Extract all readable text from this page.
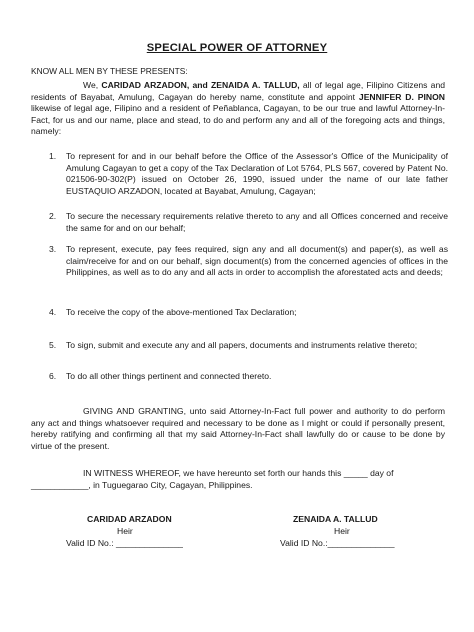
SPECIAL POWER OF ATTORNEY
KNOW ALL MEN BY THESE PRESENTS:

We, CARIDAD ARZADON, and ZENAIDA A. TALLUD, all of legal age, Filipino Citizens and residents of Bayabat, Amulung, Cagayan do hereby name, constitute and appoint JENNIFER D. PINON likewise of legal age, Filipino and a resident of Peñablanca, Cagayan, to be our true and lawful Attorney-In-Fact, for us and our name, place and stead, to do and perform any and all of the foregoing acts and things, namely:

1. To represent for and in our behalf before the Office of the Assessor's Office of the Municipality of Amulung Cagayan to get a copy of the Tax Declaration of Lot 5764, PLS 567, covered by Patent No. 021506-90-302(P) issued on October 26, 1990, issued under the name of our late father EUSTAQUIO ARZADON, located at Bayabat, Amulung, Cagayan;
2. To secure the necessary requirements relative thereto to any and all Offices concerned and receive the same for and on our behalf;
3. To represent, execute, pay fees required, sign any and all document(s) and paper(s), as well as claim/receive for and on our behalf, sign document(s) from the concerned agencies of offices in the Philippines, as well as to do any and all acts in order to accomplish the aforestated acts and deeds;
4. To receive the copy of the above-mentioned Tax Declaration;
5. To sign, submit and execute any and all papers, documents and instruments relative thereto;
6. To do all other things pertinent and connected thereto.

GIVING AND GRANTING, unto said Attorney-In-Fact full power and authority to do perform any act and things whatsoever required and necessary to be done as I might or could if personally present, hereby ratifying and confirming all that my said Attorney-In-Fact shall lawfully do or cause to be done by virtue of the present.

IN WITNESS WHEREOF, we have hereunto set forth our hands this _____ day of
____________, in Tuguegarao City, Cagayan, Philippines.
CARIDAD ARZADON
Heir
Valid ID No.: ______________
ZENAIDA A. TALLUD
Heir
Valid ID No.:______________
